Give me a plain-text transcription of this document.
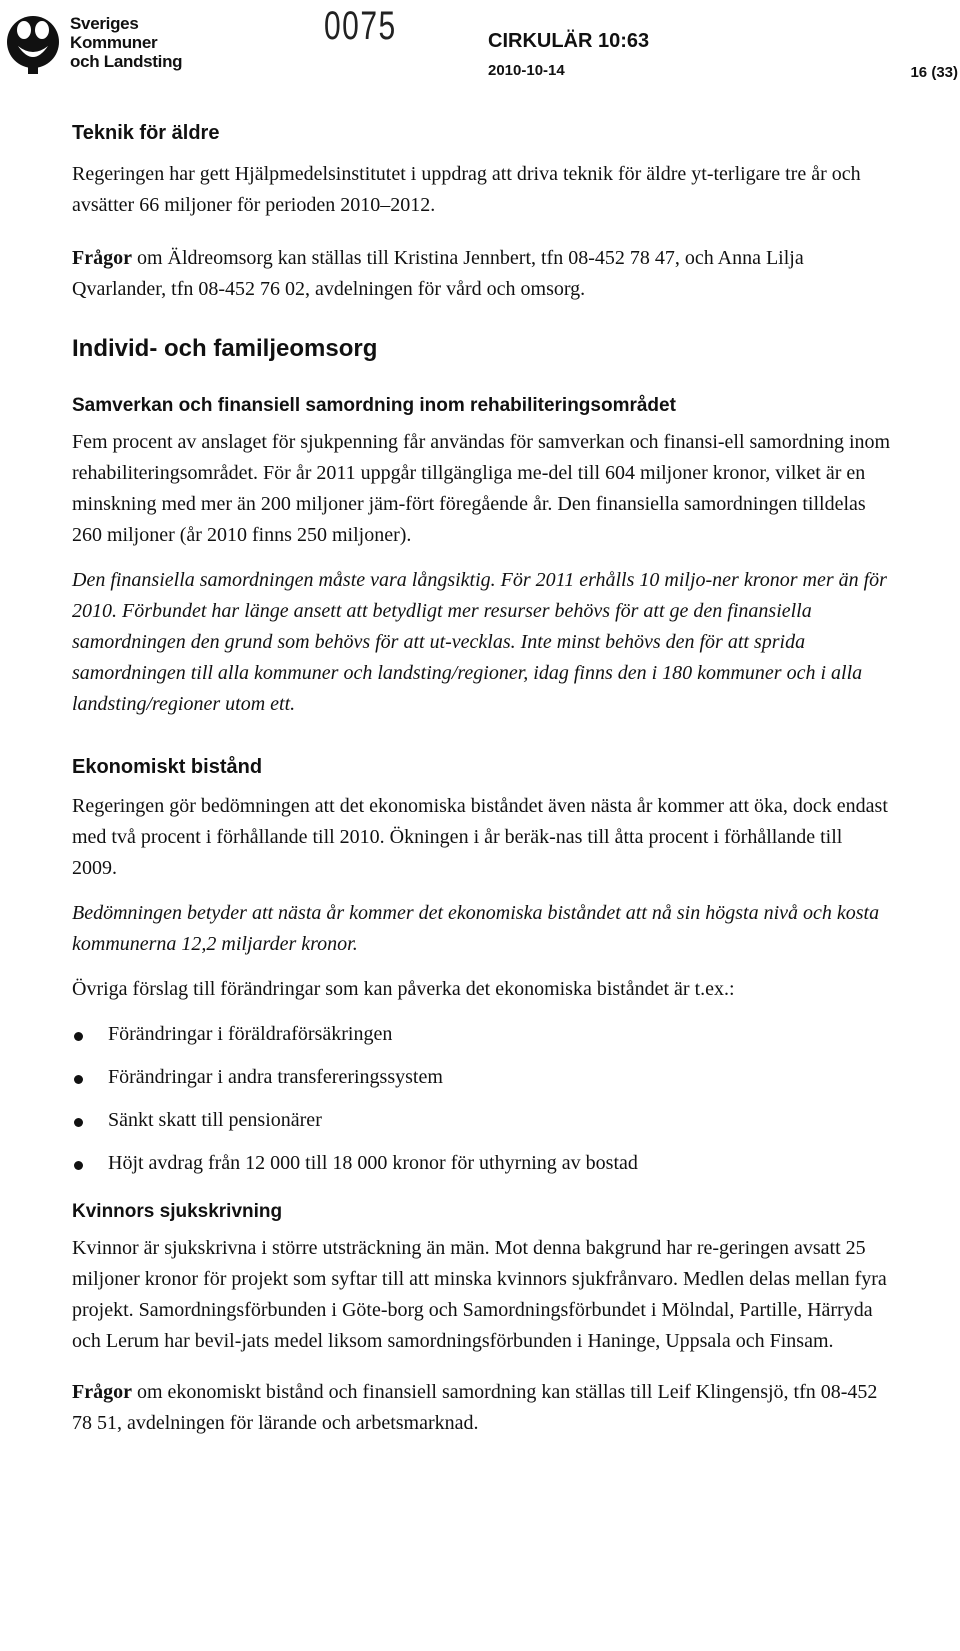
Sveriges
Kommuner
och Landsting
0075	CIRKULÄR 10:63
2010-10-14	16 (33)
Teknik för äldre

Regeringen har gett Hjälpmedelsinstitutet i uppdrag att driva teknik för äldre yt-terligare tre år och avsätter 66 miljoner för perioden 2010–2012.

Frågor om Äldreomsorg kan ställas till Kristina Jennbert, tfn 08-452 78 47, och Anna Lilja Qvarlander, tfn 08-452 76 02, avdelningen för vård och omsorg.

Individ- och familjeomsorg
Samverkan och finansiell samordning inom rehabiliteringsområdet

Fem procent av anslaget för sjukpenning får användas för samverkan och finansi-ell samordning inom rehabiliteringsområdet. För år 2011 uppgår tillgängliga me-del till 604 miljoner kronor, vilket är en minskning med mer än 200 miljoner jäm-fört föregående år. Den finansiella samordningen tilldelas 260 miljoner (år 2010 finns 250 miljoner).

Den finansiella samordningen måste vara långsiktig. För 2011 erhålls 10 miljo-ner kronor mer än för 2010. Förbundet har länge ansett att betydligt mer resurser behövs för att ge den finansiella samordningen den grund som behövs för att ut-vecklas. Inte minst behövs den för att sprida samordningen till alla kommuner och landsting/regioner, idag finns den i 180 kommuner och i alla landsting/regioner utom ett.

Ekonomiskt bistånd

Regeringen gör bedömningen att det ekonomiska biståndet även nästa år kommer att öka, dock endast med två procent i förhållande till 2010. Ökningen i år beräk-nas till åtta procent i förhållande till 2009.

Bedömningen betyder att nästa år kommer det ekonomiska biståndet att nå sin högsta nivå och kosta kommunerna 12,2 miljarder kronor.

Övriga förslag till förändringar som kan påverka det ekonomiska biståndet är t.ex.:

Förändringar i föräldraförsäkringen
Förändringar i andra transfereringssystem
Sänkt skatt till pensionärer
Höjt avdrag från 12 000 till 18 000 kronor för uthyrning av bostad
Kvinnors sjukskrivning

Kvinnor är sjukskrivna i större utsträckning än män. Mot denna bakgrund har re-geringen avsatt 25 miljoner kronor för projekt som syftar till att minska kvinnors sjukfrånvaro. Medlen delas mellan fyra projekt. Samordningsförbunden i Göte-borg och Samordningsförbundet i Mölndal, Partille, Härryda och Lerum har bevil-jats medel liksom samordningsförbunden i Haninge, Uppsala och Finsam.

Frågor om ekonomiskt bistånd och finansiell samordning kan ställas till Leif Klingensjö, tfn 08-452 78 51, avdelningen för lärande och arbetsmarknad.
